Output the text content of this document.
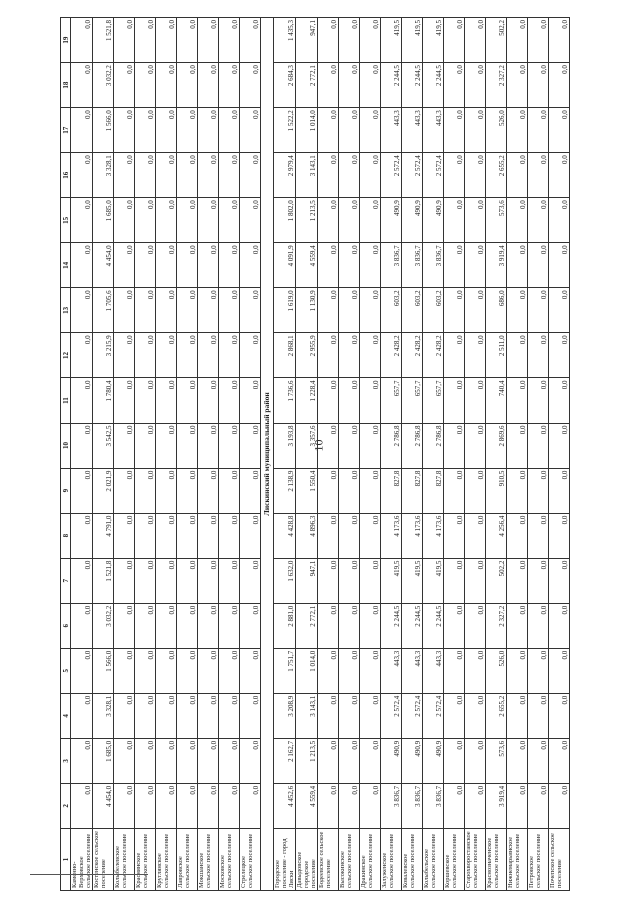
10
1	2	3	4	5	6	7	8	9	10	11	12	13	14	15	16	17	18	19
Каменно-Верховское сельское поселение	0,0	0,0	0,0	0,0	0,0	0,0	0,0	0,0	0,0	0,0	0,0	0,0	0,0	0,0	0,0	0,0	0,0	0,0
Костенское сельское поселение	4 454,0	1 685,0	3 328,1	1 566,0	3 032,2	1 521,8	4 791,0	2 021,9	3 542,5	1 780,4	3 215,9	1 705,6	4 454,0	1 685,0	3 328,1	1 566,0	3 032,2	1 521,8
Колыбелевское сельское поселение	0,0	0,0	0,0	0,0	0,0	0,0	0,0	0,0	0,0	0,0	0,0	0,0	0,0	0,0	0,0	0,0	0,0	0,0
Краснянское сельское поселение	0,0	0,0	0,0	0,0	0,0	0,0	0,0	0,0	0,0	0,0	0,0	0,0	0,0	0,0	0,0	0,0	0,0	0,0
Круглянское сельское поселение	0,0	0,0	0,0	0,0	0,0	0,0	0,0	0,0	0,0	0,0	0,0	0,0	0,0	0,0	0,0	0,0	0,0	0,0
Лавровское сельское поселение	0,0	0,0	0,0	0,0	0,0	0,0	0,0	0,0	0,0	0,0	0,0	0,0	0,0	0,0	0,0	0,0	0,0	0,0
Мокшанское сельское поселение	0,0	0,0	0,0	0,0	0,0	0,0	0,0	0,0	0,0	0,0	0,0	0,0	0,0	0,0	0,0	0,0	0,0	0,0
Московское сельское поселение	0,0	0,0	0,0	0,0	0,0	0,0	0,0	0,0	0,0	0,0	0,0	0,0	0,0	0,0	0,0	0,0	0,0	0,0
Стрелецкое сельское поселение	0,0	0,0	0,0	0,0	0,0	0,0	0,0	0,0	0,0	0,0	0,0	0,0	0,0	0,0	0,0	0,0	0,0	0,0
Лискинский муниципальный район																		
Городское поселение - город Лиски	4 452,6	2 162,7	3 208,9	1 751,7	2 881,0	1 632,0	4 428,8	2 138,9	3 193,8	1 736,6	2 868,1	1 619,0	4 091,9	1 802,0	2 979,4	1 522,2	2 684,3	1 435,3
Давыдовское городское поселение	4 559,4	1 213,5	3 143,1	1 014,0	2 772,1	947,1	4 896,3	1 550,4	3 357,6	1 228,4	2 955,9	1 130,9	4 559,4	1 213,5	3 143,1	1 014,0	2 772,1	947,1
Бодеевское сельское поселение	0,0	0,0	0,0	0,0	0,0	0,0	0,0	0,0	0,0	0,0	0,0	0,0	0,0	0,0	0,0	0,0	0,0	0,0
Высокинское сельское поселение	0,0	0,0	0,0	0,0	0,0	0,0	0,0	0,0	0,0	0,0	0,0	0,0	0,0	0,0	0,0	0,0	0,0	0,0
Дракинское сельское поселение	0,0	0,0	0,0	0,0	0,0	0,0	0,0	0,0	0,0	0,0	0,0	0,0	0,0	0,0	0,0	0,0	0,0	0,0
Залуженское сельское поселение	3 836,7	490,9	2 572,4	443,3	2 244,5	419,5	4 173,6	827,8	2 786,8	657,7	2 428,2	603,2	3 836,7	490,9	2 572,4	443,3	2 244,5	419,5
Ковалевское сельское поселение	3 836,7	490,9	2 572,4	443,3	2 244,5	419,5	4 173,6	827,8	2 786,8	657,7	2 428,2	603,2	3 836,7	490,9	2 572,4	443,3	2 244,5	419,5
Колыбельское сельское поселение	3 836,7	490,9	2 572,4	443,3	2 244,5	419,5	4 173,6	827,8	2 786,8	657,7	2 428,2	603,2	3 836,7	490,9	2 572,4	443,3	2 244,5	419,5
Коршевское сельское поселение	0,0	0,0	0,0	0,0	0,0	0,0	0,0	0,0	0,0	0,0	0,0	0,0	0,0	0,0	0,0	0,0	0,0	0,0
Старохворостанское сельское поселение	0,0	0,0	0,0	0,0	0,0	0,0	0,0	0,0	0,0	0,0	0,0	0,0	0,0	0,0	0,0	0,0	0,0	0,0
Краснозначенское сельское поселение	3 919,4	573,6	2 655,2	526,0	2 327,2	502,2	4 256,4	910,5	2 869,6	740,4	2 511,0	686,0	3 919,4	573,6	2 655,2	526,0	2 327,2	502,2
Нижнемарьинское сельское поселение	0,0	0,0	0,0	0,0	0,0	0,0	0,0	0,0	0,0	0,0	0,0	0,0	0,0	0,0	0,0	0,0	0,0	0,0
Петровское сельское поселение	0,0	0,0	0,0	0,0	0,0	0,0	0,0	0,0	0,0	0,0	0,0	0,0	0,0	0,0	0,0	0,0	0,0	0,0
Почепское сельское поселение	0,0	0,0	0,0	0,0	0,0	0,0	0,0	0,0	0,0	0,0	0,0	0,0	0,0	0,0	0,0	0,0	0,0	0,0
